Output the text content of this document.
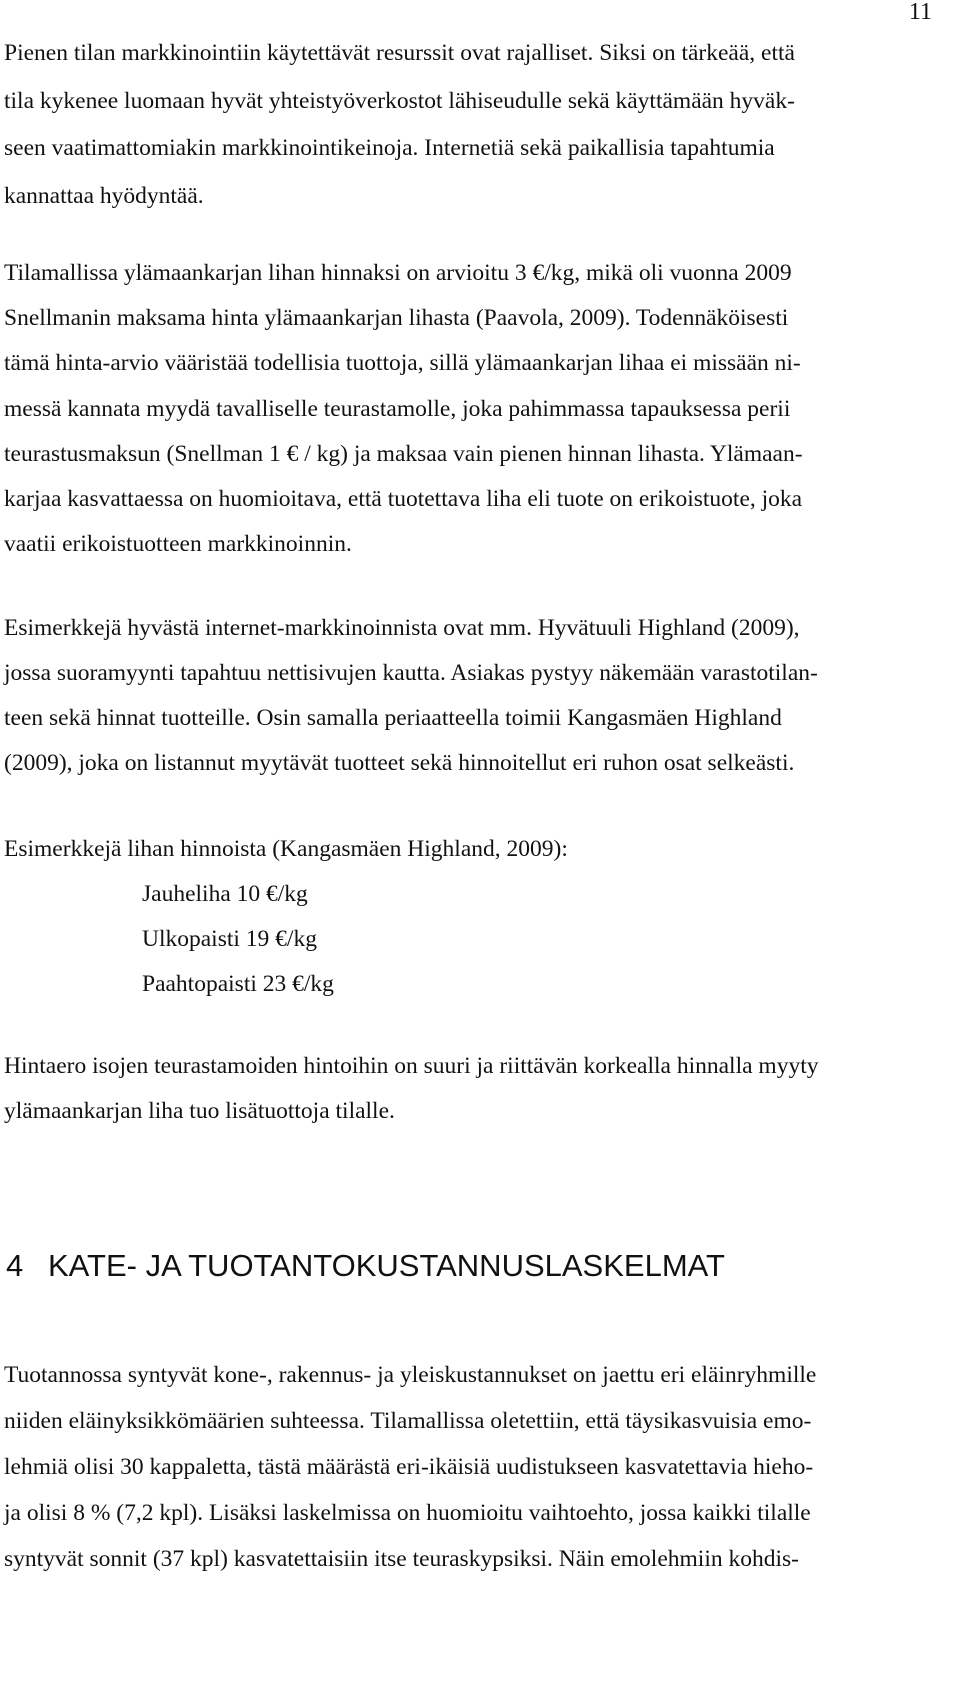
11
Pienen tilan markkinointiin käytettävät resurssit ovat rajalliset. Siksi on tärkeää, että
tila kykenee luomaan hyvät yhteistyöverkostot lähiseudulle sekä käyttämään hyväk-
seen vaatimattomiakin markkinointikeinoja. Internetiä sekä paikallisia tapahtumia
kannattaa hyödyntää.
Tilamallissa ylämaankarjan lihan hinnaksi on arvioitu 3 €/kg, mikä oli vuonna 2009
Snellmanin maksama hinta ylämaankarjan lihasta (Paavola, 2009). Todennäköisesti
tämä hinta-arvio vääristää todellisia tuottoja, sillä ylämaankarjan lihaa ei missään ni-
messä kannata myydä tavalliselle teurastamolle, joka pahimmassa tapauksessa perii
teurastusmaksun (Snellman 1 € / kg) ja maksaa vain pienen hinnan lihasta. Ylämaan-
karjaa kasvattaessa on huomioitava, että tuotettava liha eli tuote on erikoistuote, joka
vaatii erikoistuotteen markkinoinnin.
Esimerkkejä hyvästä internet-markkinoinnista ovat mm. Hyvätuuli Highland (2009),
jossa suoramyynti tapahtuu nettisivujen kautta. Asiakas pystyy näkemään varastotilan-
teen sekä hinnat tuotteille. Osin samalla periaatteella toimii Kangasmäen Highland
(2009), joka on listannut myytävät tuotteet sekä hinnoitellut eri ruhon osat selkeästi.
Esimerkkejä lihan hinnoista (Kangasmäen Highland, 2009):
Jauheliha 10 €/kg
Ulkopaisti 19 €/kg
Paahtopaisti 23 €/kg
Hintaero isojen teurastamoiden hintoihin on suuri ja riittävän korkealla hinnalla myyty
ylämaankarjan liha tuo lisätuottoja tilalle.
4 KATE- JA TUOTANTOKUSTANNUSLASKELMAT
Tuotannossa syntyvät kone-, rakennus- ja yleiskustannukset on jaettu eri eläinryhmille
niiden eläinyksikkömäärien suhteessa. Tilamallissa oletettiin, että täysikasvuisia emo-
lehmiä olisi 30 kappaletta, tästä määrästä eri-ikäisiä uudistukseen kasvatettavia hieho-
ja olisi 8 % (7,2 kpl). Lisäksi laskelmissa on huomioitu vaihtoehto, jossa kaikki tilalle
syntyvät sonnit (37 kpl) kasvatettaisiin itse teuraskypsiksi. Näin emolehmiin kohdis-
